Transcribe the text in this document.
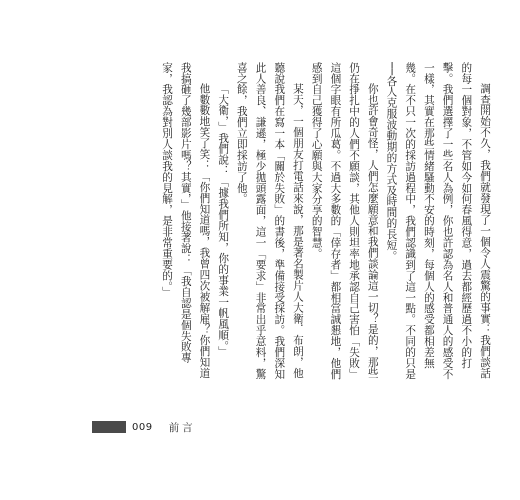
調查開始不久，我們就發現了一個令人震驚的事實：我們談話的每一個對象，不管如今如何春風得意，過去都經歷過不小的打擊。我們選擇了一些名人為例，你也許認為名人和普通人的感受不一樣，其實在那些情緒騷動不安的時刻，每個人的感受都相差無幾。在不只一次的採訪過程中，我們認識到了這一點。不同的只是──各人克服波動期的方式及時間的長短。

你也許會奇怪，人們怎麼願意和我們談論這一切？是的，那些仍在掙扎中的人們不願談，其他人則坦率地承認自己害怕「失敗」這個字眼有所瓜葛。不過大多數的「倖存者」都相當誠懇地，他們感到自己獲得了心願與大家分享的智慧。

某天，一個朋友打電話來說，那是著名製片人大衛．布朗，他聽說我們在寫一本「關於失敗」的書後，準備接受採訪。我們深知此人善良、謙遜，極少拋頭露面，這一「要求」非常出乎意料，驚喜之餘，我們立即採訪了他。

「大衛，」我們說：「據我們所知，你的事業一帆風順。」

他數數地笑了笑：「你們知道嗎，我曾四次被解雇？你們知道我搞砸了幾部影片嗎？其實，」他接著說：「我自認是個失敗專家，我認為對別人談我的見解，是非常重要的。」

009 前言
